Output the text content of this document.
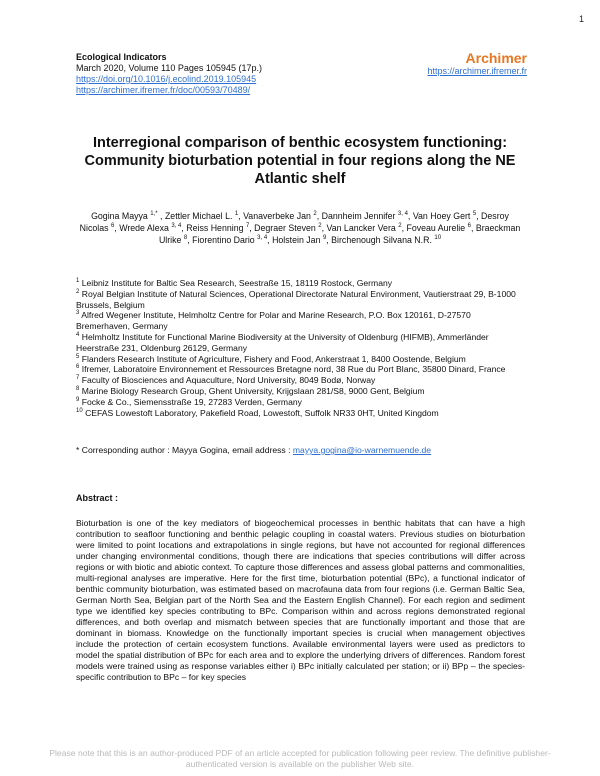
1
Ecological Indicators
March 2020, Volume 110 Pages 105945 (17p.)
https://doi.org/10.1016/j.ecolind.2019.105945
https://archimer.ifremer.fr/doc/00593/70489/
Archimer
https://archimer.ifremer.fr
Interregional comparison of benthic ecosystem functioning: Community bioturbation potential in four regions along the NE Atlantic shelf
Gogina Mayya $^{1,*}$ , Zettler Michael L. $^1$, Vanaverbeke Jan $^2$, Dannheim Jennifer $^{3, 4}$, Van Hoey Gert $^5$, Desroy Nicolas $^6$, Wrede Alexa $^{3, 4}$, Reiss Henning $^7$, Degraer Steven $^2$, Van Lancker Vera $^2$, Foveau Aurelie $^6$, Braeckman Ulrike $^8$, Fiorentino Dario $^{3, 4}$, Holstein Jan $^9$, Birchenough Silvana N.R. $^{10}$

$^1$ Leibniz Institute for Baltic Sea Research, Seestraße 15, 18119 Rostock, Germany

$^2$ Royal Belgian Institute of Natural Sciences, Operational Directorate Natural Environment, Vautierstraat 29, B-1000 Brussels, Belgium

$^3$ Alfred Wegener Institute, Helmholtz Centre for Polar and Marine Research, P.O. Box 120161, D-27570 Bremerhaven, Germany

$^4$ Helmholtz Institute for Functional Marine Biodiversity at the University of Oldenburg (HIFMB), Ammerländer Heerstraße 231, Oldenburg 26129, Germany

$^5$ Flanders Research Institute of Agriculture, Fishery and Food, Ankerstraat 1, 8400 Oostende, Belgium

$^6$ Ifremer, Laboratoire Environnement et Ressources Bretagne nord, 38 Rue du Port Blanc, 35800 Dinard, France

$^7$ Faculty of Biosciences and Aquaculture, Nord University, 8049 Bodø, Norway

$^8$ Marine Biology Research Group, Ghent University, Krijgslaan 281/S8, 9000 Gent, Belgium

$^9$ Focke & Co., Siemensstraße 19, 27283 Verden, Germany

$^{10}$ CEFAS Lowestoft Laboratory, Pakefield Road, Lowestoft, Suffolk NR33 0HT, United Kingdom

* Corresponding author : Mayya Gogina, email address : mayya.gogina@io-warnemuende.de
Abstract :
Bioturbation is one of the key mediators of biogeochemical processes in benthic habitats that can have a high contribution to seafloor functioning and benthic pelagic coupling in coastal waters. Previous studies on bioturbation were limited to point locations and extrapolations in single regions, but have not accounted for regional differences under changing environmental conditions, though there are indications that species contributions will differ across regions or with biotic and abiotic context. To capture those differences and assess global patterns and commonalities, multi-regional analyses are imperative. Here for the first time, bioturbation potential (BPc), a functional indicator of benthic community bioturbation, was estimated based on macrofauna data from four regions (i.e. German Baltic Sea, German North Sea, Belgian part of the North Sea and the Eastern English Channel). For each region and sediment type we identified key species contributing to BPc. Comparison within and across regions demonstrated regional differences, and both overlap and mismatch between species that are functionally important and those that are dominant in biomass. Knowledge on the functionally important species is crucial when management objectives include the protection of certain ecosystem functions. Available environmental layers were used as predictors to model the spatial distribution of BPc for each area and to explore the underlying drivers of differences. Random forest models were trained using as response variables either i) BPc initially calculated per station; or ii) BPp – the species-specific contribution to BPc – for key species
Please note that this is an author-produced PDF of an article accepted for publication following peer review. The definitive publisher-authenticated version is available on the publisher Web site.
